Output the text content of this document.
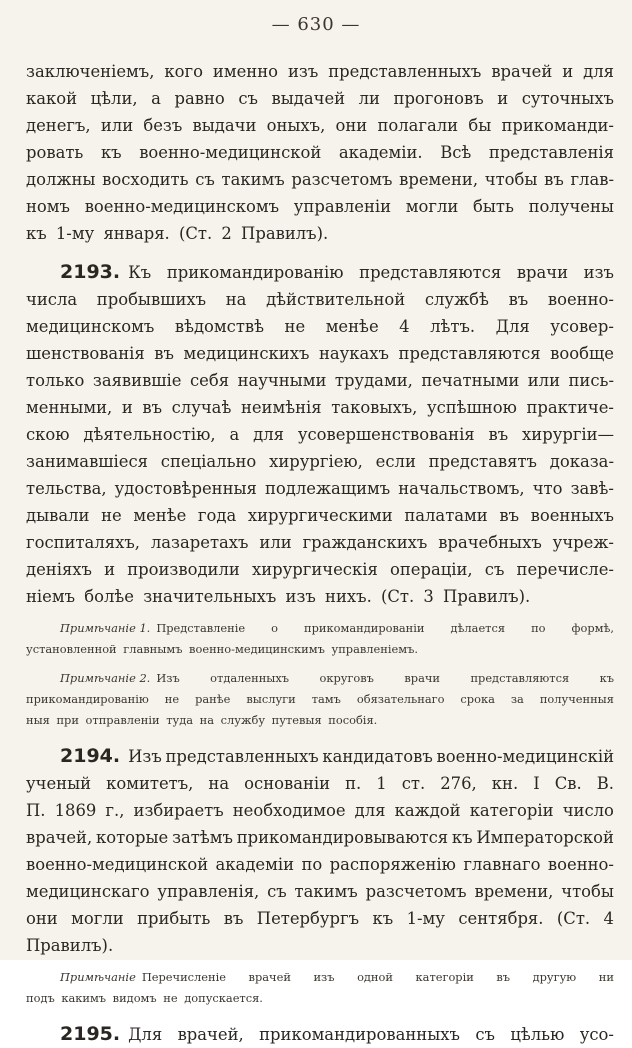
— 630 —
заключеніемъ, кого именно изъ представленныхъ врачей и для
какой цѣли, а равно съ выдачей ли прогоновъ и суточныхъ
денегъ, или безъ выдачи оныхъ, они полагали бы прикоманди-
ровать къ военно-медицинской академіи. Всѣ представленія
должны восходить съ такимъ разсчетомъ времени, чтобы въ глав-
номъ военно-медицинскомъ управленіи могли быть получены
къ 1-му января. (Ст. 2 Правилъ).
2193. Къ прикомандированію представляются врачи изъ
числа пробывшихъ на дѣйствительной службѣ въ военно-
медицинскомъ вѣдомствѣ не менѣе 4 лѣтъ. Для усовер-
шенствованія въ медицинскихъ наукахъ представляются вообще
только заявившіе себя научными трудами, печатными или пись-
менными, и въ случаѣ неимѣнія таковыхъ, успѣшною практиче-
скою дѣятельностію, а для усовершенствованія въ хирургіи—
занимавшіеся спеціально хирургіею, если представятъ доказа-
тельства, удостовѣренныя подлежащимъ начальствомъ, что завѣ-
дывали не менѣе года хирургическими палатами въ военныхъ
госпиталяхъ, лазаретахъ или гражданскихъ врачебныхъ учреж-
деніяхъ и производили хирургическія операціи, съ перечисле-
ніемъ болѣе значительныхъ изъ нихъ. (Ст. 3 Правилъ).
Примѣчаніе 1. Представленіе о прикомандированіи дѣлается по формѣ,
установленной главнымъ военно-медицинскимъ управленіемъ.
Примѣчаніе 2. Изъ	отдаленныхъ	округовъ	врачи	представляются	къ
прикомандированію не ранѣе выслуги тамъ обязательнаго срока за полученныя
ныя при отправленіи туда на службу путевыя пособія.
2194. Изъ представленныхъ кандидатовъ военно-медицинскій
ученый комитетъ, на основаніи п. 1 ст. 276, кн. I Св. В.
П. 1869 г., избираетъ необходимое для каждой категоріи число
врачей, которые затѣмъ прикомандировываются къ Императорской
военно-медицинской академіи по распоряженію главнаго военно-
медицинскаго управленія, съ такимъ разсчетомъ времени, чтобы
они могли прибыть въ Петербургъ къ 1-му сентября. (Ст. 4
Правилъ).
Примѣчаніе Перечисленіе врачей изъ одной категоріи въ другую ни
подъ какимъ видомъ не допускается.
2195. Для врачей, прикомандированныхъ съ цѣлью усо-
